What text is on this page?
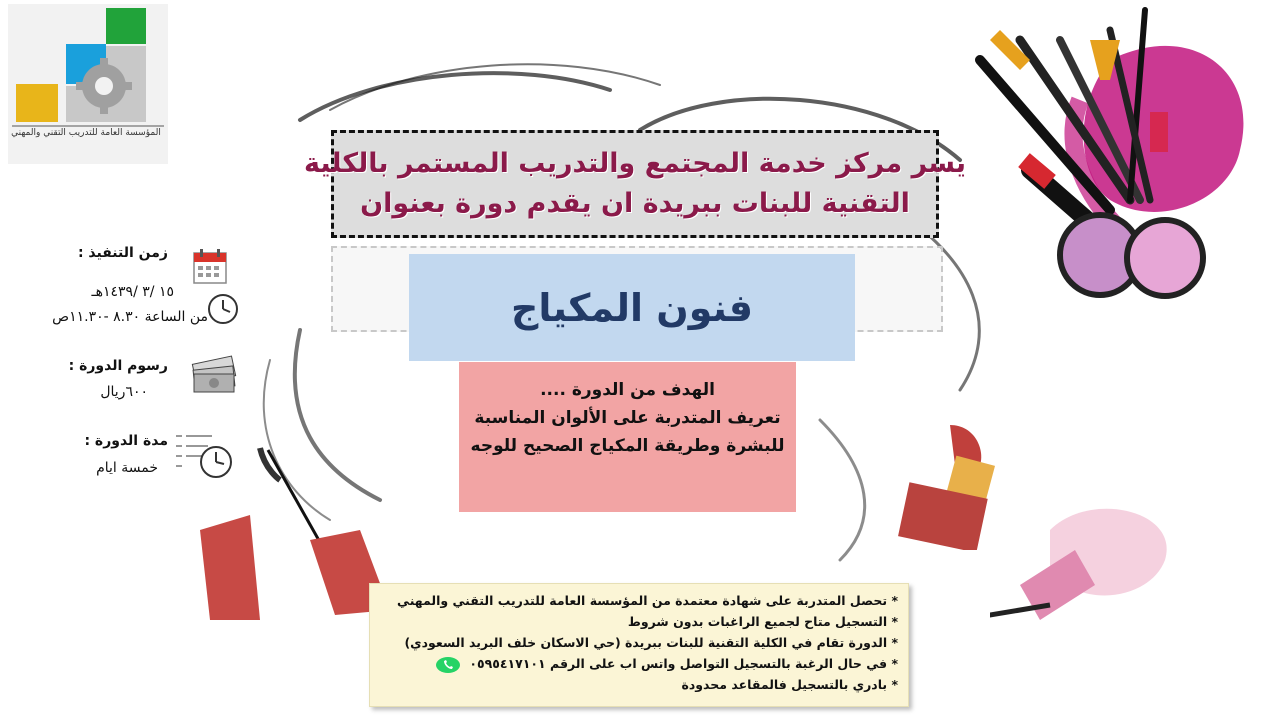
المؤسسة العامة للتدريب التقني والمهني
يسر مركز خدمة المجتمع والتدريب المستمر بالكلية
التقنية للبنات ببريدة ان يقدم دورة بعنوان
فنون المكياج
الهدف من الدورة ....
تعريف المتدربة على الألوان المناسبة
للبشرة وطريقة المكياج الصحيح للوجه
زمن التنفيذ :
١٥ /٣ /١٤٣٩هـ
من الساعة ٨.٣٠ -١١.٣٠ص
رسوم الدورة :
٦٠٠ريال
مدة الدورة :
خمسة ايام
* تحصل المتدربة على شهادة معتمدة من المؤسسة العامة للتدريب التقني والمهني
* التسجيل متاح لجميع الراغبات بدون شروط
* الدورة تقام في الكلية التقنية للبنات ببريدة (حي الاسكان خلف البريد السعودي)
* في حال الرغبة بالتسجيل التواصل واتس اب على الرقم ٠٥٩٥٤١٧١٠١
* بادري بالتسجيل فالمقاعد محدودة
